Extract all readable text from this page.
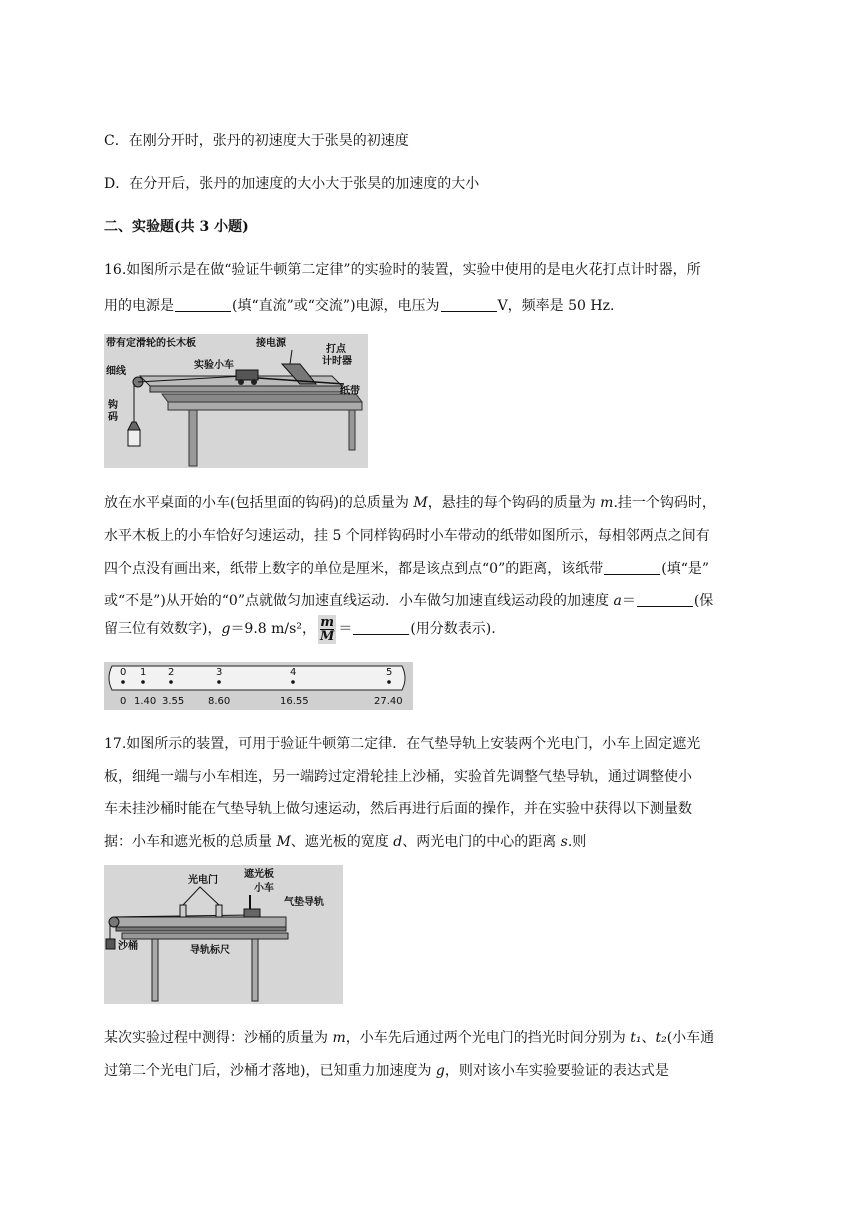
C．在刚分开时，张丹的初速度大于张昊的初速度
D．在分开后，张丹的加速度的大小大于张昊的加速度的大小
二、实验题(共 3 小题)
16.如图所示是在做“验证牛顿第二定律”的实验时的装置，实验中使用的是电火花打点计时器，所
用的电源是	(填“直流”或“交流”)电源，电压为	V，频率是 50 Hz.
带有定滑轮的长木板	接电源
打点
计时器
实验小车
细线
钩
码
纸带
放在水平桌面的小车(包括里面的钩码)的总质量为 M，悬挂的每个钩码的质量为 m.挂一个钩码时，
水平木板上的小车恰好匀速运动，挂 5 个同样钩码时小车带动的纸带如图所示，每相邻两点之间有
四个点没有画出来，纸带上数字的单位是厘米，都是该点到点“0”的距离，该纸带	(填“是”
或“不是”)从开始的“0”点就做匀加速直线运动．小车做匀加速直线运动段的加速度 a＝	(保
留三位有效数字)，g＝9.8 m/s²， $\frac{m}{M}$ ＝	(用分数表示).
0 1 2	3	4	5
0 1.40 3.55 8.60	16.55	27.40
17.如图所示的装置，可用于验证牛顿第二定律．在气垫导轨上安装两个光电门，小车上固定遮光
板，细绳一端与小车相连，另一端跨过定滑轮挂上沙桶，实验首先调整气垫导轨，通过调整使小
车未挂沙桶时能在气垫导轨上做匀速运动，然后再进行后面的操作，并在实验中获得以下测量数
据：小车和遮光板的总质量 M、遮光板的宽度 d、两光电门的中心的距离 s.则
光电门
遮光板
小车
气垫导轨
沙桶	导轨标尺
某次实验过程中测得：沙桶的质量为 m，小车先后通过两个光电门的挡光时间分别为 t₁、t₂(小车通
过第二个光电门后，沙桶才落地)，已知重力加速度为 g，则对该小车实验要验证的表达式是
